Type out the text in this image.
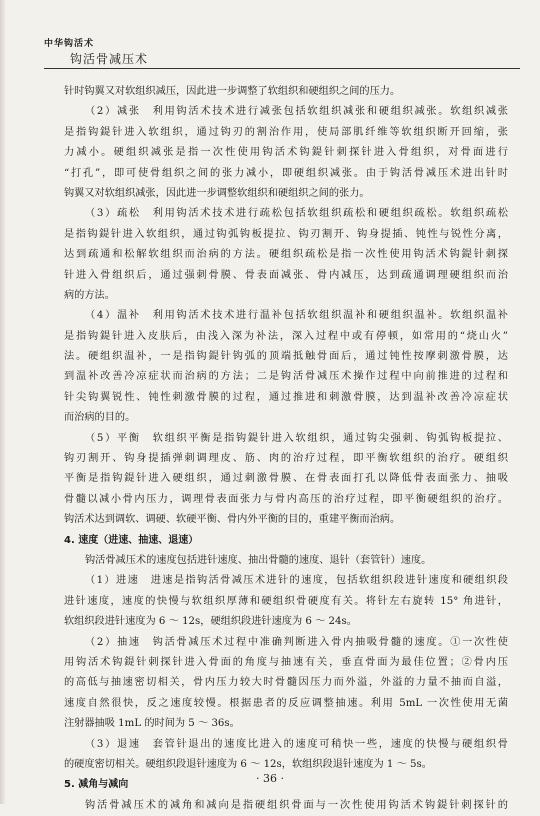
中华钩活术
钩活骨减压术
针时钩翼又对软组织减压，因此进一步调整了软组织和硬组织之间的压力。
（2）减张　利用钩活术技术进行减张包括软组织减张和硬组织减张。软组织减张
是指钩鍉针进入软组织，通过钩刃的割治作用，使局部肌纤维等软组织断开回缩，张
力减小。硬组织减张是指一次性使用钩活术钩鍉针刺探针进入骨组织，对骨面进行
“打孔”，即可使骨组织之间的张力减小，即硬组织减张。由于钩活骨减压术进出针时
钩翼又对软组织减张，因此进一步调整软组织和硬组织之间的张力。
（3）疏松　利用钩活术技术进行疏松包括软组织疏松和硬组织疏松。软组织疏松
是指钩鍉针进入软组织，通过钩弧钩板提拉、钩刃割开、钩身提插、钝性与锐性分离，
达到疏通和松解软组织而治病的方法。硬组织疏松是指一次性使用钩活术钩鍉针刺探
针进入骨组织后，通过强刺骨膜、骨表面减张、骨内减压，达到疏通调理硬组织而治
病的方法。
（4）温补　利用钩活术技术进行温补包括软组织温补和硬组织温补。软组织温补
是指钩鍉针进入皮肤后，由浅入深为补法，深入过程中或有停顿，如常用的“烧山火”
法。硬组织温补，一是指钩鍉针钩弧的顶端抵触骨面后，通过钝性按摩刺激骨膜，达
到温补改善冷凉症状而治病的方法；二是钩活骨减压术操作过程中向前推进的过程和
针尖钩翼锐性、钝性刺激骨膜的过程，通过推进和刺激骨膜，达到温补改善冷凉症状
而治病的目的。
（5）平衡　软组织平衡是指钩鍉针进入软组织，通过钩尖强刺、钩弧钩板提拉、
钩刃割开、钩身提插弹刺调理皮、筋、肉的治疗过程，即平衡软组织的治疗。硬组织
平衡是指钩鍉针进入硬组织，通过刺激骨膜、在骨表面打孔以降低骨表面张力、抽吸
骨髓以减小骨内压力，调理骨表面张力与骨内高压的治疗过程，即平衡硬组织的治疗。
钩活术达到调软、调硬、软硬平衡、骨内外平衡的目的，重建平衡而治病。
4. 速度（进速、抽速、退速）
钩活骨减压术的速度包括进针速度、抽出骨髓的速度、退针（套管针）速度。
（1）进速　进速是指钩活骨减压术进针的速度，包括软组织段进针速度和硬组织段
进针速度，速度的快慢与软组织厚薄和硬组织骨硬度有关。将针左右旋转 15° 角进针，
软组织段进针速度为 6 ～ 12s，硬组织段进针速度为 6 ～ 24s。
（2）抽速　钩活骨减压术过程中准确判断进入骨内抽吸骨髓的速度。①一次性使
用钩活术钩鍉针刺探针进入骨面的角度与抽速有关，垂直骨面为最佳位置；②骨内压
的高低与抽速密切相关，骨内压力较大时骨髓因压力而外溢，外溢的力量不抽而自溢，
速度自然很快，反之速度较慢。根据患者的反应调整抽速。利用 5mL 一次性使用无菌
注射器抽吸 1mL 的时间为 5 ～ 36s。
（3）退速　套管针退出的速度比进入的速度可稍快一些，速度的快慢与硬组织骨
的硬度密切相关。硬组织段退针速度为 6 ～ 12s，软组织段退针速度为 1 ～ 5s。
5. 减角与减向
钩活骨减压术的减角和减向是指硬组织骨面与一次性使用钩活术钩鍉针刺探针的
· 36 ·
